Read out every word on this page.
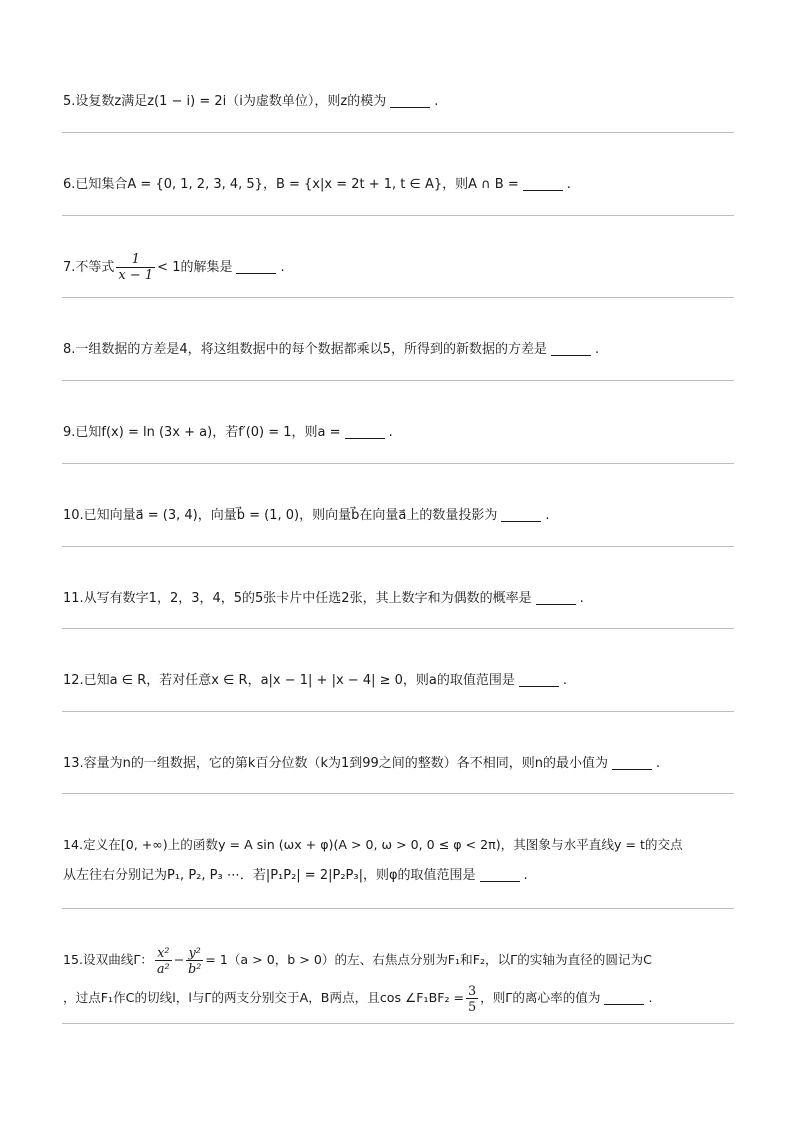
5.设复数z满足z(1 − i) = 2i（i为虚数单位），则z的模为	.
6.已知集合A = {0, 1, 2, 3, 4, 5}，B = {x|x = 2t + 1, t ∈ A}，则A ∩ B =	.
7.不等式 $\frac{1}{x - 1} < 1$的解集是	.
8.一组数据的方差是4，将这组数据中的每个数据都乘以5，所得到的新数据的方差是	.
9.已知f(x) = ln (3x + a)，若f′(0) = 1，则a =	.
10.已知向量a⃗ = (3, 4)，向量b⃗ = (1, 0)，则向量b⃗在向量a⃗上的数量投影为	.
11.从写有数字1，2，3，4，5的5张卡片中任选2张，其上数字和为偶数的概率是	.
12.已知a ∈ R，若对任意x ∈ R，a|x − 1| + |x − 4| ≥ 0，则a的取值范围是	.
13.容量为n的一组数据，它的第k百分位数（k为1到99之间的整数）各不相同，则n的最小值为	.
14.定义在[0, +∞)上的函数y = A sin (ωx + φ)(A > 0, ω > 0, 0 ≤ φ < 2π)，其图象与水平直线y = t的交点
从左往右分别记为P₁, P₂, P₃ ⋯．若|P₁P₂| = 2|P₂P₃|，则φ的取值范围是	.
15.设双曲线Γ： $\frac{\text{x²}}{\text{a²}} - \frac{\text{y²}}{\text{b²}} = 1(a > 0$，b > 0）的左、右焦点分别为F₁和F₂，以Γ的实轴为直径的圆记为C
，过点F₁作C的切线l，l与Γ的两支分别交于A，B两点，且cos ∠F₁BF₂ = $\frac{3}{5}$ ，则Γ的离心率的值为	.
